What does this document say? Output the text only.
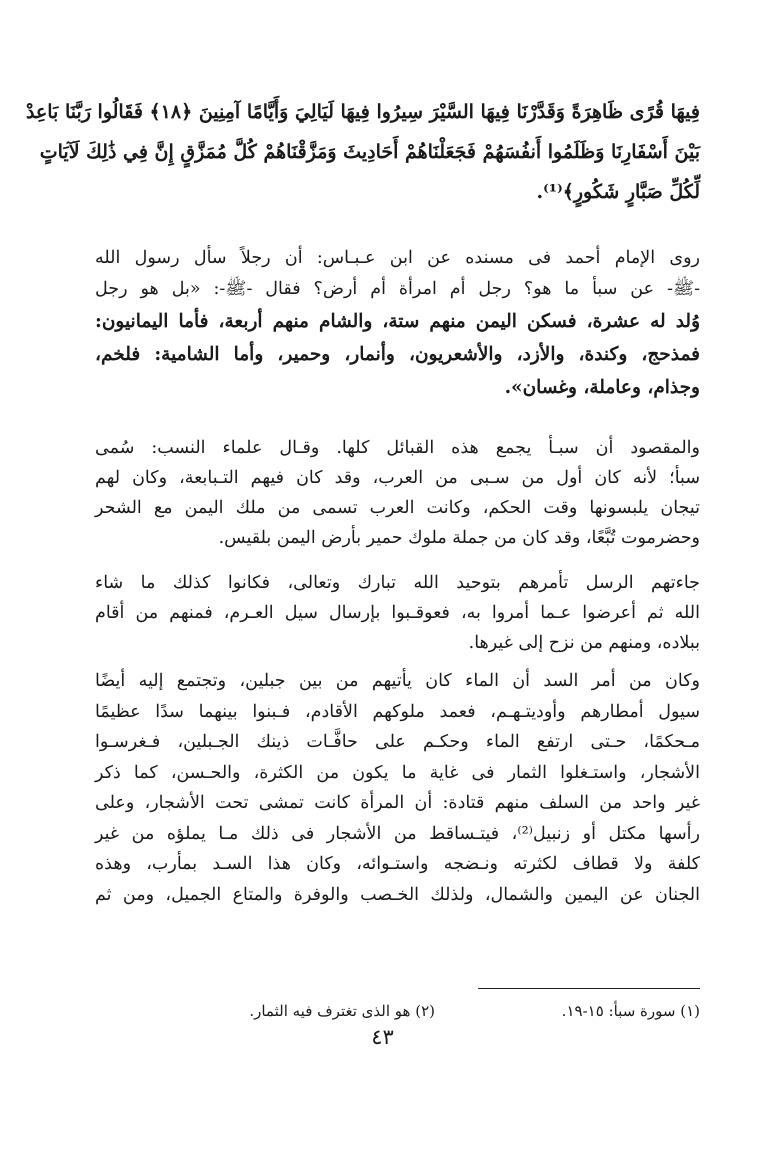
فِيهَا قُرًى ظَاهِرَةً وَقَدَّرْنَا فِيهَا السَّيْرَ سِيرُوا فِيهَا لَيَالِيَ وَأَيَّامًا آمِنِينَ ﴿١٨﴾ فَقَالُوا رَبَّنَا بَاعِدْ
بَيْنَ أَسْفَارِنَا وَظَلَمُوا أَنفُسَهُمْ فَجَعَلْنَاهُمْ أَحَادِيثَ وَمَزَّقْنَاهُمْ كُلَّ مُمَزَّقٍ إِنَّ فِي ذَٰلِكَ لَآيَاتٍ
لِّكُلِّ صَبَّارٍ شَكُورٍ﴾⁽¹⁾.
روى الإمام أحمد فى مسنده عن ابن عـبـاس: أن رجلاً سأل رسول الله
-ﷺ- عن سبأ ما هو؟ رجل أم امرأة أم أرض؟ فقال -ﷺ-: «بل هو رجل
وُلد له عشرة، فسكن اليمن منهم ستة، والشام منهم أربعة، فأما اليمانيون:
فمذحج، وكندة، والأزد، والأشعريون، وأنمار، وحمير، وأما الشامية: فلخم،
وجذام، وعاملة، وغسان».
والمقصود أن سبـأ يجمع هذه القبائل كلها. وقـال علماء النسب: سُمى
سبأ؛ لأنه كان أول من سـبى من العرب، وقد كان فيهم التـبابعة، وكان لهم
تيجان يلبسونها وقت الحكم، وكانت العرب تسمى من ملك اليمن مع الشحر
وحضرموت تُبَّعًا، وقد كان من جملة ملوك حمير بأرض اليمن بلقيس.
جاءتهم الرسل تأمرهم بتوحيد الله تبارك وتعالى، فكانوا كذلك ما شاء
الله ثم أعرضوا عـما أمروا به، فعوقـبوا بإرسال سيل العـرم، فمنهم من أقام
ببلاده، ومنهم من نزح إلى غيرها.
وكان من أمر السد أن الماء كان يأتيهم من بين جبلين، وتجتمع إليه أيضًا
سيول أمطارهم وأوديتـهـم، فعمد ملوكهم الأقادم، فـبنوا بينهما سدًا عظيمًا
مـحكمًا، حـتى ارتفع الماء وحكـم على حافَّـات ذينك الجـبلين، فـغرسـوا
الأشجار، واستـغلوا الثمار فى غاية ما يكون من الكثرة، والحـسن، كما ذكر
غير واحد من السلف منهم قتادة: أن المرأة كانت تمشى تحت الأشجار، وعلى
رأسها مكتل أو زنبيل⁽²⁾، فيتـساقط من الأشجار فى ذلك مـا يملؤه من غير
كلفة ولا قطاف لكثرته ونـضجه واستـوائه، وكان هذا السـد بمأرب، وهذه
الجنان عن اليمين والشمال، ولذلك الخـصب والوفرة والمتاع الجميل، ومن ثم
(١) سورة سبأ: ١٥-١٩.
(٢) هو الذى تغترف فيه الثمار.
٤٣
